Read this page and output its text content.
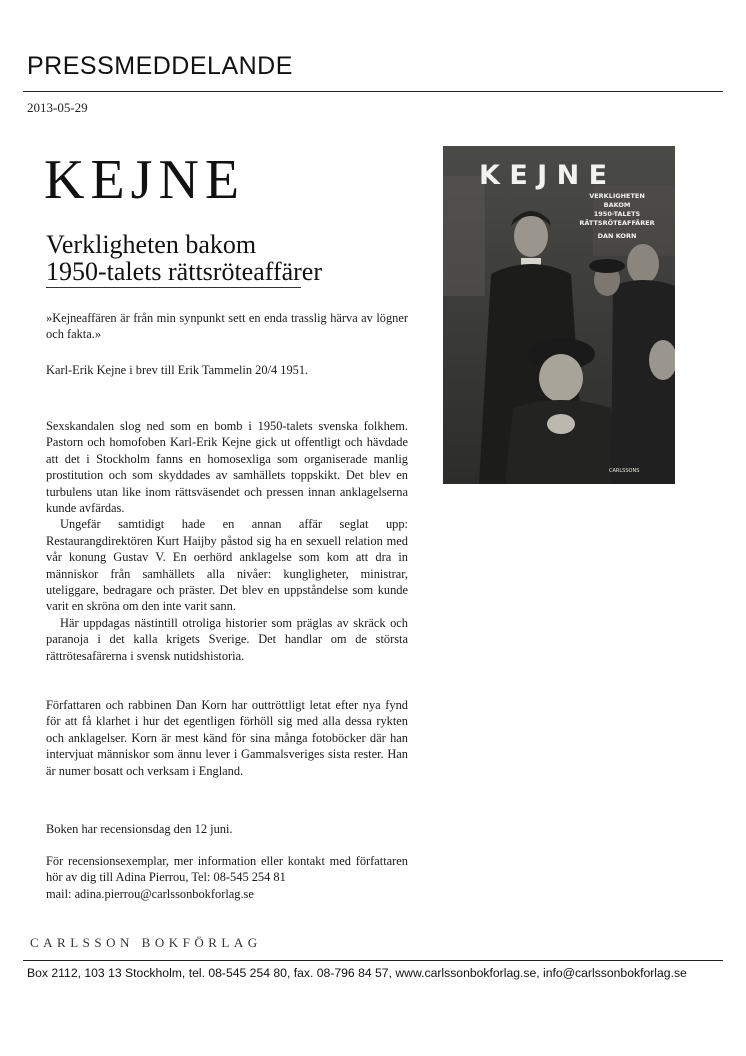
PRESSMEDDELANDE
2013-05-29
KEJNE
Verkligheten bakom
1950-talets rättsröteaffärer

»Kejneaffären är från min synpunkt sett en enda trasslig härva av lögner och fakta.»

Karl-Erik Kejne i brev till Erik Tammelin 20/4 1951.

Sexskandalen slog ned som en bomb i 1950-talets svenska folkhem. Pastorn och homofoben Karl-Erik Kejne gick ut offentligt och hävdade att det i Stockholm fanns en homosexliga som organiserade manlig prostitution och som skyddades av samhällets toppskikt. Det blev en turbulens utan like inom rättsväsendet och pressen innan anklagelserna kunde avfärdas.

Ungefär samtidigt hade en annan affär seglat upp: Restaurangdirektören Kurt Haijby påstod sig ha en sexuell relation med vår konung Gustav V. En oerhörd anklagelse som kom att dra in människor från samhällets alla nivåer: kungligheter, ministrar, uteliggare, bedragare och präster. Det blev en uppståndelse som kunde varit en skröna om den inte varit sann.

Här uppdagas nästintill otroliga historier som präglas av skräck och paranoja i det kalla krigets Sverige. Det handlar om de största rättrötesafärerna i svensk nutidshistoria.

Författaren och rabbinen Dan Korn har outtröttligt letat efter nya fynd för att få klarhet i hur det egentligen förhöll sig med alla dessa rykten och anklagelser. Korn är mest känd för sina många fotoböcker där han intervjuat människor som ännu lever i Gammalsveriges sista rester. Han är numer bosatt och verksam i England.

Boken har recensionsdag den 12 juni.

För recensionsexemplar, mer information eller kontakt med författaren hör av dig till Adina Pierrou, Tel: 08-545 254 81

mail: adina.pierrou@carlssonbokforlag.se

K E J N E
VERKLIGHETEN
BAKOM
1950-TALETS
RÄTTSRÖTEAFFÄRER
DAN KORN
CARLSSONS
CARLSSON BOKFÖRLAG
Box 2112, 103 13 Stockholm, tel. 08-545 254 80, fax. 08-796 84 57, www.carlssonbokforlag.se, info@carlssonbokforlag.se
